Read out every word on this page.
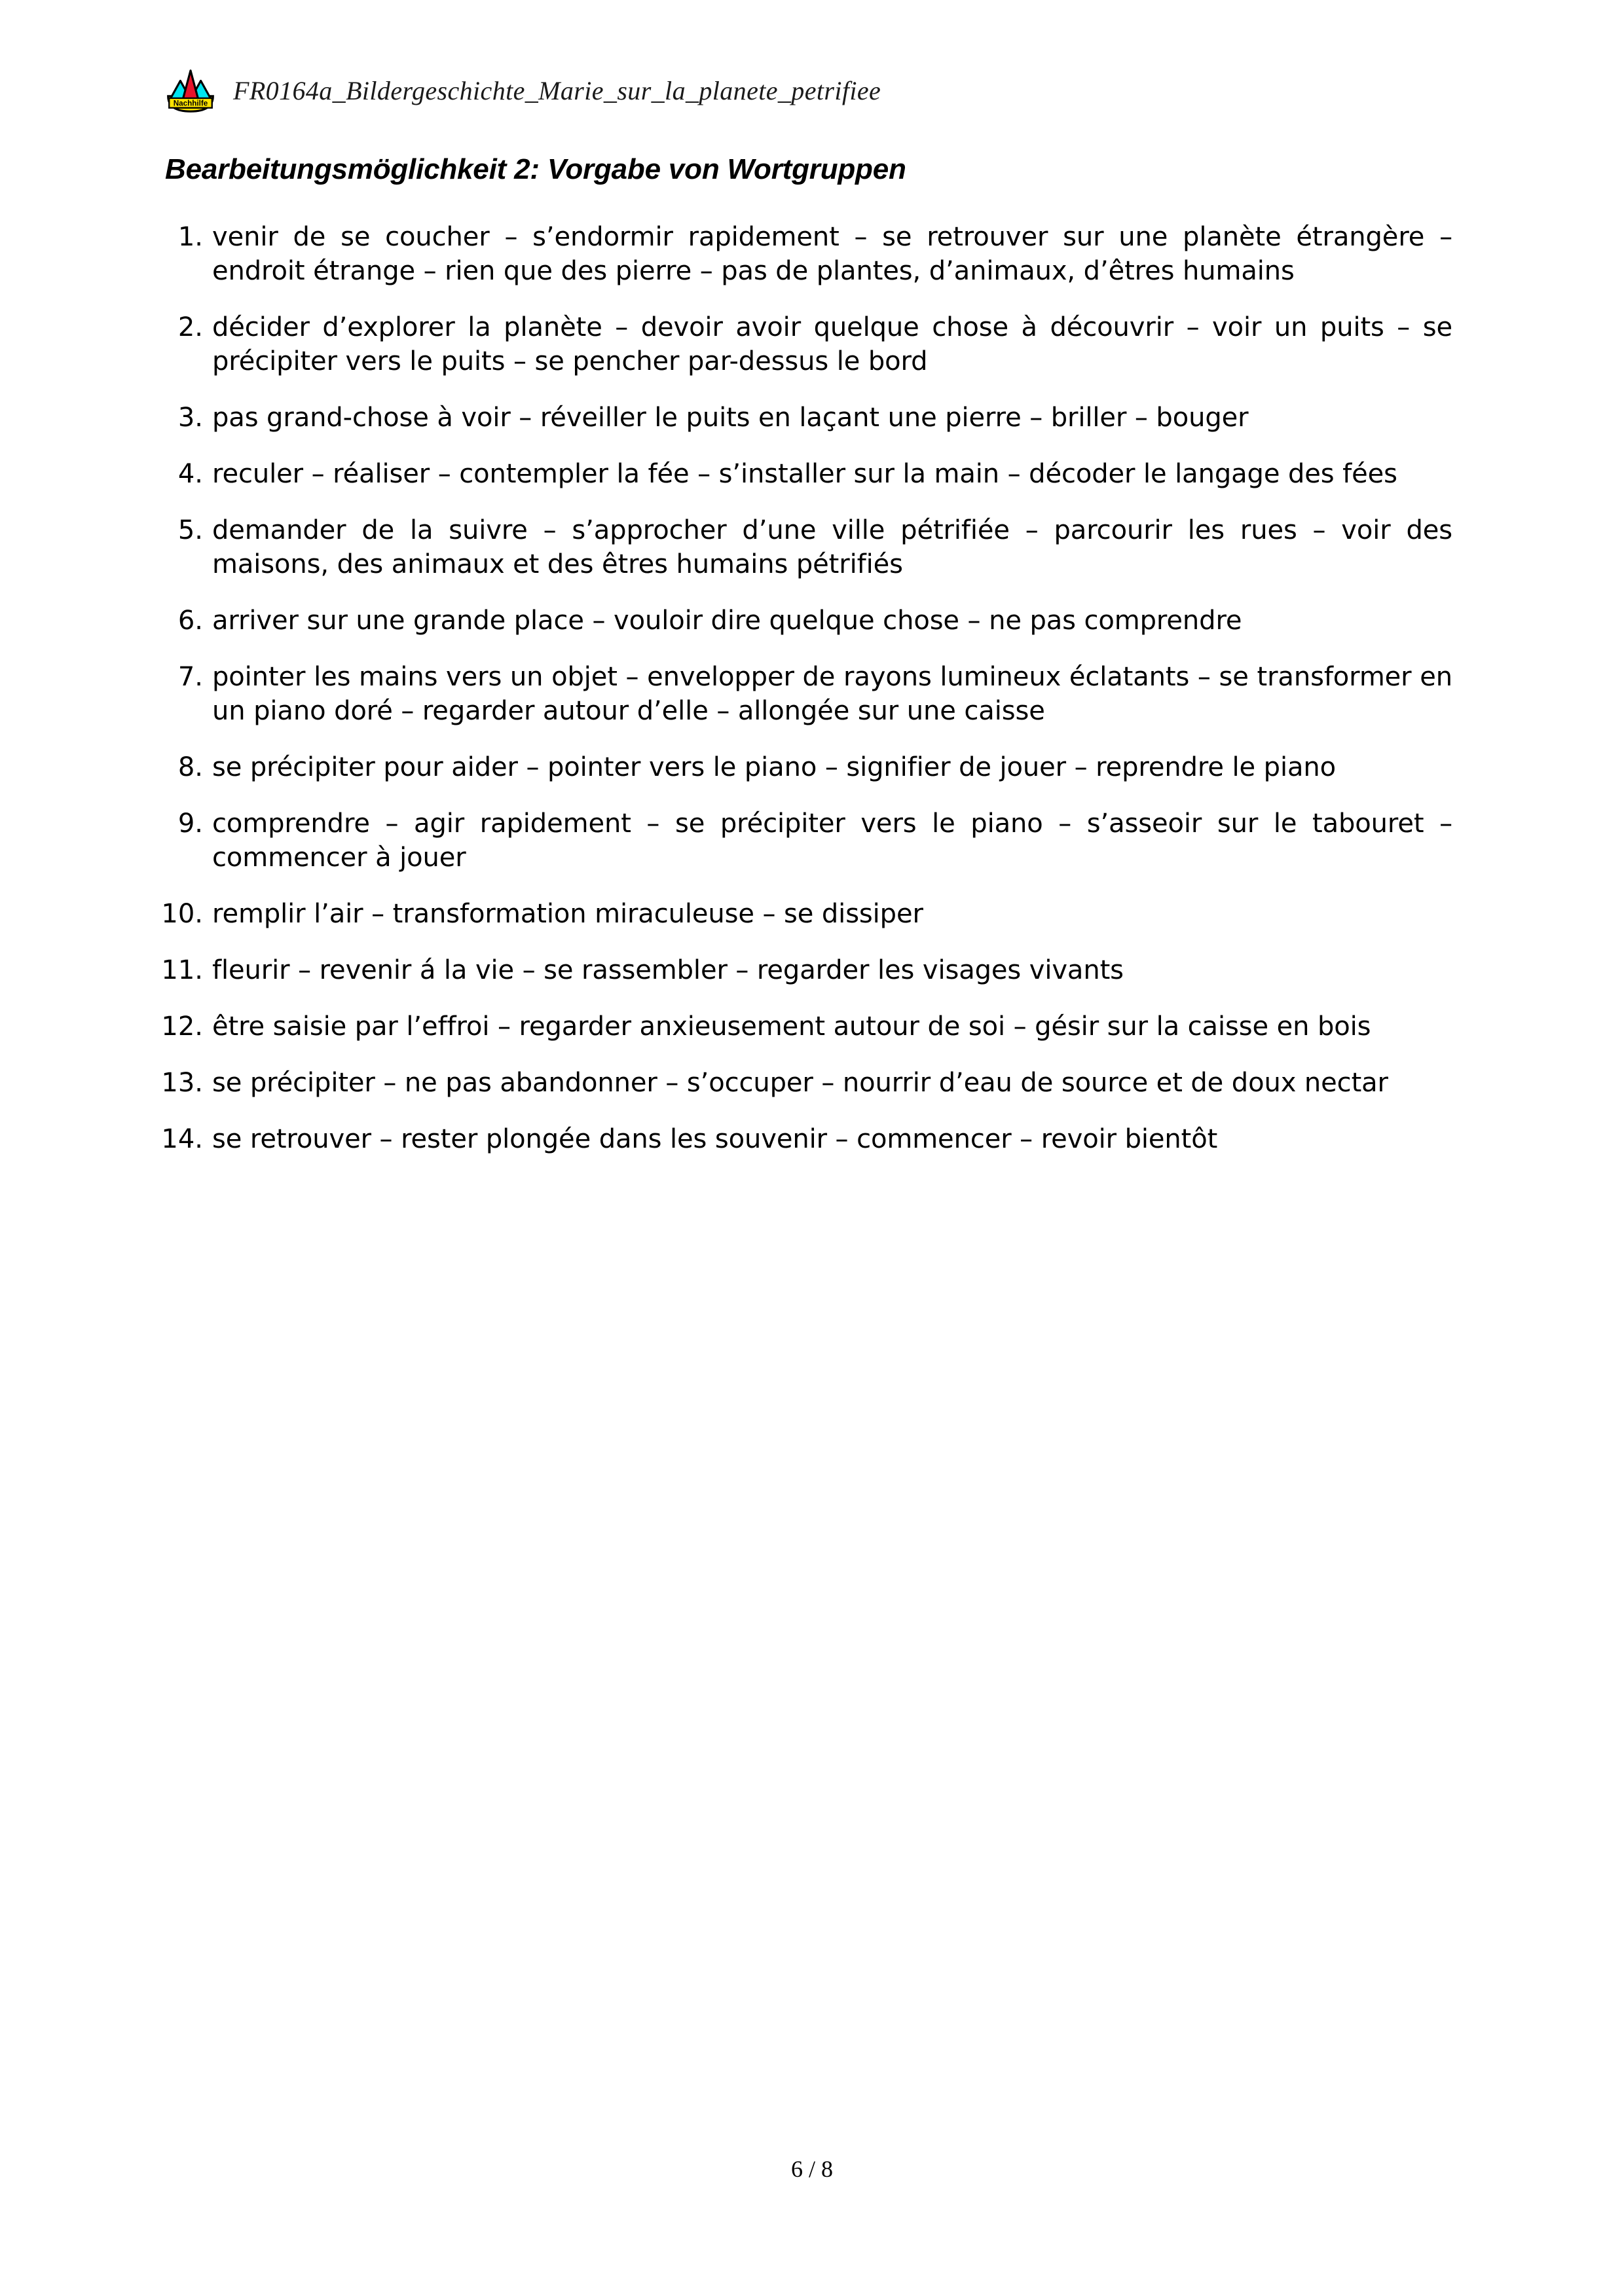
Nachhilfe FR0164a_Bildergeschichte_Marie_sur_la_planete_petrifiee
Bearbeitungsmöglichkeit 2: Vorgabe von Wortgruppen
1. venir de se coucher – s’endormir rapidement – se retrouver sur une planète étrangère – endroit étrange – rien que des pierre – pas de plantes, d’animaux, d’êtres humains
2. décider d’explorer la planète – devoir avoir quelque chose à découvrir – voir un puits – se précipiter vers le puits – se pencher par-dessus le bord
3. pas grand-chose à voir – réveiller le puits en laçant une pierre – briller – bouger
4. reculer – réaliser – contempler la fée – s’installer sur la main – décoder le langage des fées
5. demander de la suivre – s’approcher d’une ville pétrifiée – parcourir les rues – voir des maisons, des animaux et des êtres humains pétrifiés
6. arriver sur une grande place – vouloir dire quelque chose – ne pas comprendre
7. pointer les mains vers un objet – envelopper de rayons lumineux éclatants – se transformer en un piano doré – regarder autour d’elle – allongée sur une caisse
8. se précipiter pour aider – pointer vers le piano – signifier de jouer – reprendre le piano
9. comprendre – agir rapidement – se précipiter vers le piano – s’asseoir sur le tabouret – commencer à jouer
10. remplir l’air – transformation miraculeuse – se dissiper
11. fleurir – revenir á la vie – se rassembler – regarder les visages vivants
12. être saisie par l’effroi – regarder anxieusement autour de soi – gésir sur la caisse en bois
13. se précipiter – ne pas abandonner – s’occuper – nourrir d’eau de source et de doux nectar
14. se retrouver – rester plongée dans les souvenir – commencer – revoir bientôt
6 / 8
